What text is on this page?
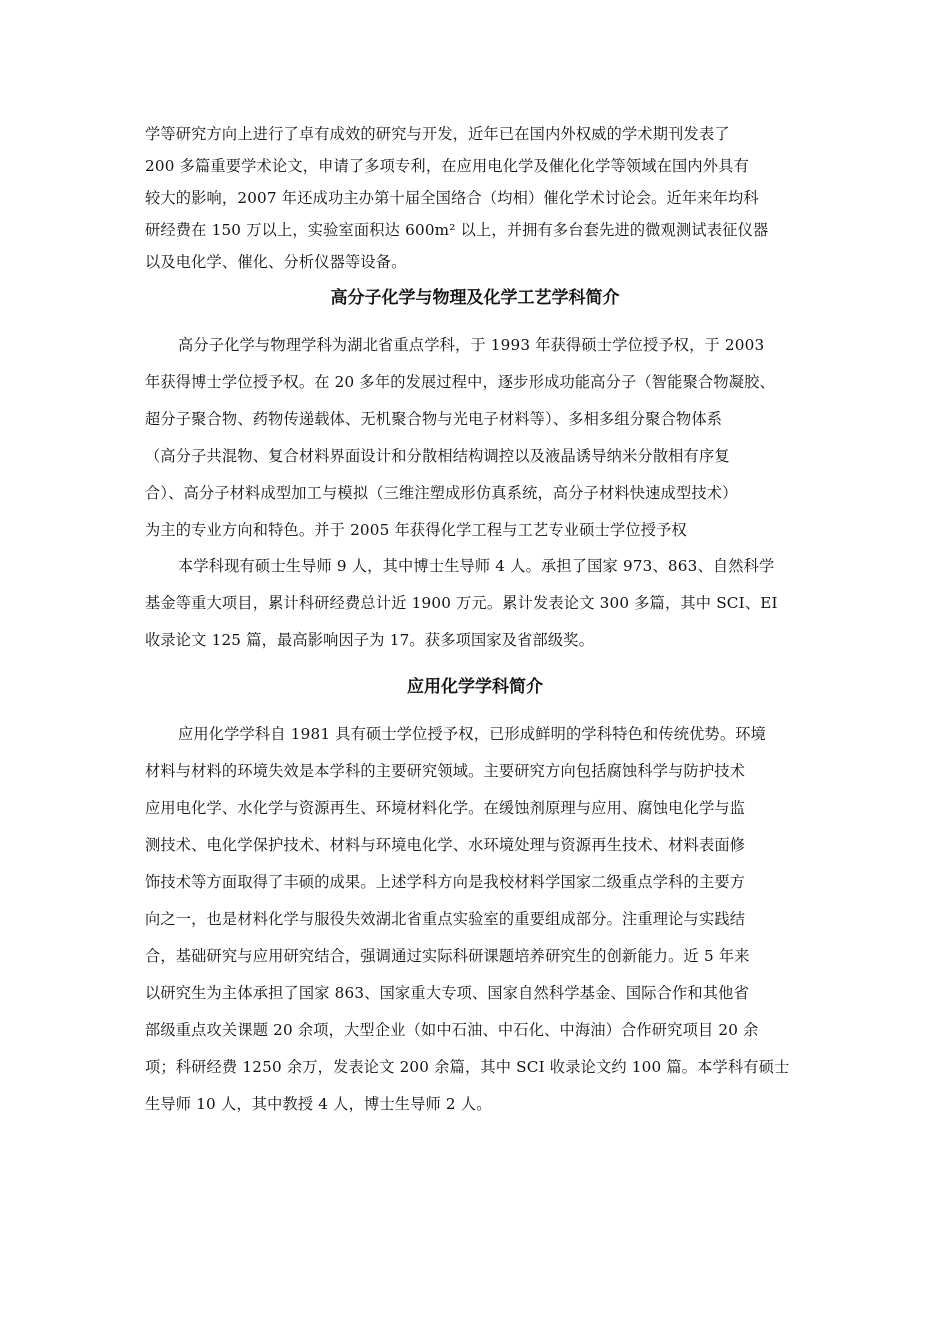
学等研究方向上进行了卓有成效的研究与开发，近年已在国内外权威的学术期刊发表了
200 多篇重要学术论文，申请了多项专利，在应用电化学及催化化学等领域在国内外具有
较大的影响，2007 年还成功主办第十届全国络合（均相）催化学术讨论会。近年来年均科
研经费在 150 万以上，实验室面积达 600m² 以上，并拥有多台套先进的微观测试表征仪器
以及电化学、催化、分析仪器等设备。
高分子化学与物理及化学工艺学科简介
高分子化学与物理学科为湖北省重点学科，于 1993 年获得硕士学位授予权，于 2003
年获得博士学位授予权。在 20 多年的发展过程中，逐步形成功能高分子（智能聚合物凝胶、
超分子聚合物、药物传递载体、无机聚合物与光电子材料等）、多相多组分聚合物体系
（高分子共混物、复合材料界面设计和分散相结构调控以及液晶诱导纳米分散相有序复
合）、高分子材料成型加工与模拟（三维注塑成形仿真系统，高分子材料快速成型技术）
为主的专业方向和特色。并于 2005 年获得化学工程与工艺专业硕士学位授予权
本学科现有硕士生导师 9 人，其中博士生导师 4 人。承担了国家 973、863、自然科学
基金等重大项目，累计科研经费总计近 1900 万元。累计发表论文 300 多篇，其中 SCI、EI
收录论文 125 篇，最高影响因子为 17。获多项国家及省部级奖。
应用化学学科简介
应用化学学科自 1981 具有硕士学位授予权，已形成鲜明的学科特色和传统优势。环境
材料与材料的环境失效是本学科的主要研究领域。主要研究方向包括腐蚀科学与防护技术
应用电化学、水化学与资源再生、环境材料化学。在缓蚀剂原理与应用、腐蚀电化学与监
测技术、电化学保护技术、材料与环境电化学、水环境处理与资源再生技术、材料表面修
饰技术等方面取得了丰硕的成果。上述学科方向是我校材料学国家二级重点学科的主要方
向之一，也是材料化学与服役失效湖北省重点实验室的重要组成部分。注重理论与实践结
合，基础研究与应用研究结合，强调通过实际科研课题培养研究生的创新能力。近 5 年来
以研究生为主体承担了国家 863、国家重大专项、国家自然科学基金、国际合作和其他省
部级重点攻关课题 20 余项，大型企业（如中石油、中石化、中海油）合作研究项目 20 余
项；科研经费 1250 余万，发表论文 200 余篇，其中 SCI 收录论文约 100 篇。本学科有硕士
生导师 10 人，其中教授 4 人，博士生导师 2 人。
